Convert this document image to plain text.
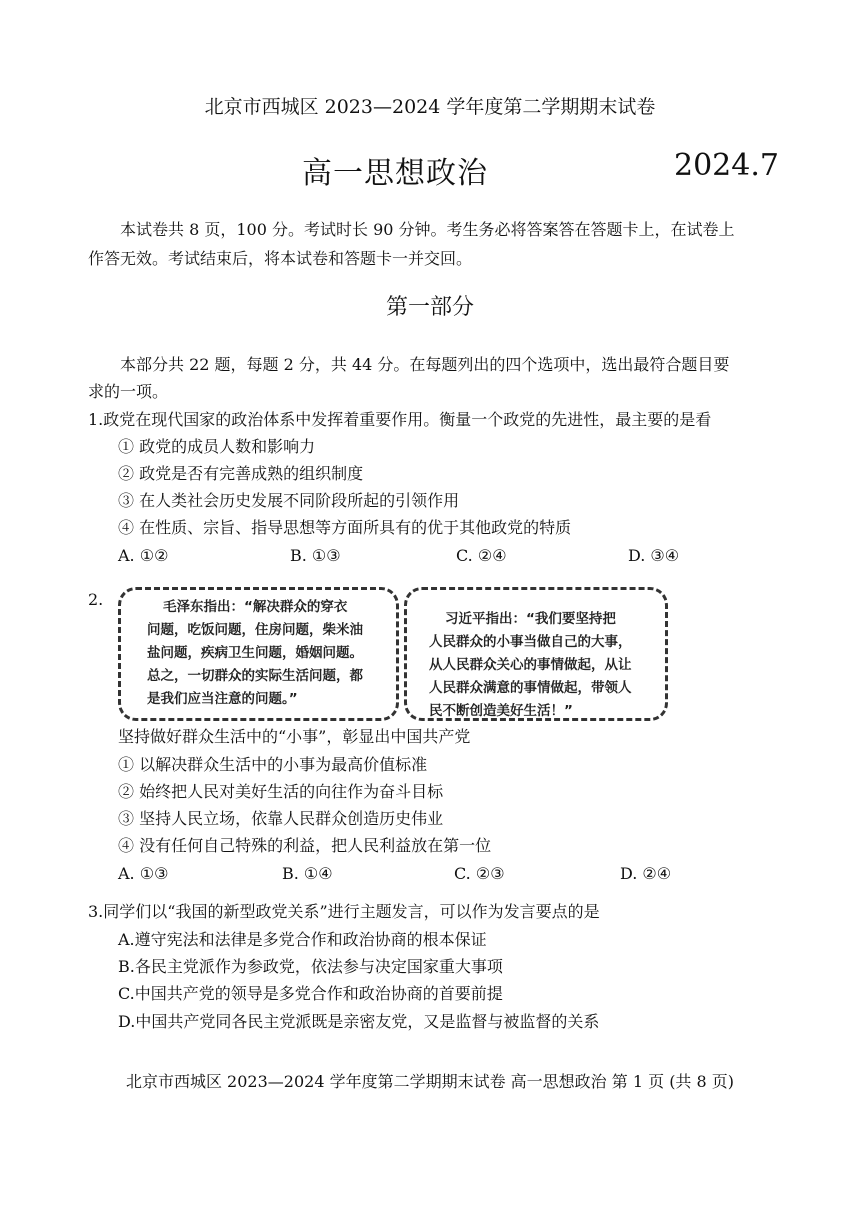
北京市西城区 2023—2024 学年度第二学期期末试卷
高一思想政治	2024.7
本试卷共 8 页，100 分。考试时长 90 分钟。考生务必将答案答在答题卡上，在试卷上
作答无效。考试结束后，将本试卷和答题卡一并交回。
第一部分
本部分共 22 题，每题 2 分，共 44 分。在每题列出的四个选项中，选出最符合题目要
求的一项。
1.政党在现代国家的政治体系中发挥着重要作用。衡量一个政党的先进性，最主要的是看
① 政党的成员人数和影响力
② 政党是否有完善成熟的组织制度
③ 在人类社会历史发展不同阶段所起的引领作用
④ 在性质、宗旨、指导思想等方面所具有的优于其他政党的特质
A. ①②	B. ①③	C. ②④	D. ③④
2.	毛泽东指出：“解决群众的穿衣
问题，吃饭问题，住房问题，柴米油
盐问题，疾病卫生问题，婚姻问题。
总之，一切群众的实际生活问题，都
是我们应当注意的问题。”
习近平指出：“我们要坚持把
人民群众的小事当做自己的大事，
从人民群众关心的事情做起，从让
人民群众满意的事情做起，带领人
民不断创造美好生活！”
坚持做好群众生活中的“小事”，彰显出中国共产党
① 以解决群众生活中的小事为最高价值标准
② 始终把人民对美好生活的向往作为奋斗目标
③ 坚持人民立场，依靠人民群众创造历史伟业
④ 没有任何自己特殊的利益，把人民利益放在第一位
A. ①③	B. ①④	C. ②③	D. ②④
3.同学们以“我国的新型政党关系”进行主题发言，可以作为发言要点的是
A.遵守宪法和法律是多党合作和政治协商的根本保证
B.各民主党派作为参政党，依法参与决定国家重大事项
C.中国共产党的领导是多党合作和政治协商的首要前提
D.中国共产党同各民主党派既是亲密友党，又是监督与被监督的关系
北京市西城区 2023—2024 学年度第二学期期末试卷 高一思想政治 第 1 页 (共 8 页)
